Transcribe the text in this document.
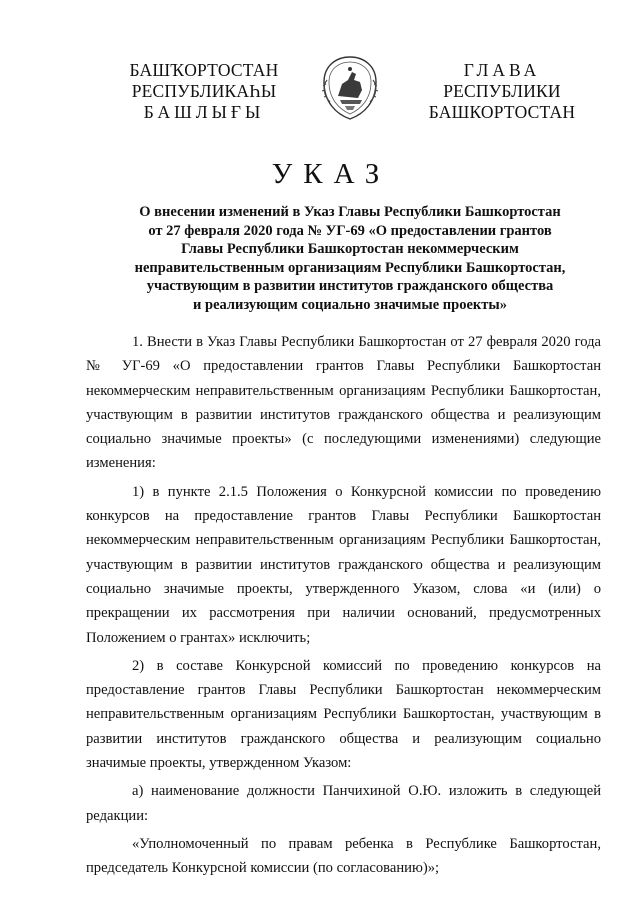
БАШҠОРТОСТАН
РЕСПУБЛИКАҺЫ
БАШЛЫҒЫ
ГЛАВА
РЕСПУБЛИКИ
БАШКОРТОСТАН
УКАЗ
О внесении изменений в Указ Главы Республики Башкортостан
от 27 февраля 2020 года № УГ-69 «О предоставлении грантов
Главы Республики Башкортостан некоммерческим
неправительственным организациям Республики Башкортостан,
участвующим в развитии институтов гражданского общества
и реализующим социально значимые проекты»

1. Внести в Указ Главы Республики Башкортостан от 27 февраля 2020 года № УГ-69 «О предоставлении грантов Главы Республики Башкортостан некоммерческим неправительственным организациям Республики Башкортостан, участвующим в развитии институтов гражданского общества и реализующим социально значимые проекты» (с последующими изменениями) следующие изменения:

1) в пункте 2.1.5 Положения о Конкурсной комиссии по проведению конкурсов на предоставление грантов Главы Республики Башкортостан некоммерческим неправительственным организациям Республики Башкортостан, участвующим в развитии институтов гражданского общества и реализующим социально значимые проекты, утвержденного Указом, слова «и (или) о прекращении их рассмотрения при наличии оснований, предусмотренных Положением о грантах» исключить;

2) в составе Конкурсной комиссий по проведению конкурсов на предоставление грантов Главы Республики Башкортостан некоммерческим неправительственным организациям Республики Башкортостан, участвующим в развитии институтов гражданского общества и реализующим социально значимые проекты, утвержденном Указом:

а) наименование должности Панчихиной О.Ю. изложить в следующей редакции:

«Уполномоченный по правам ребенка в Республике Башкортостан, председатель Конкурсной комиссии (по согласованию)»;
